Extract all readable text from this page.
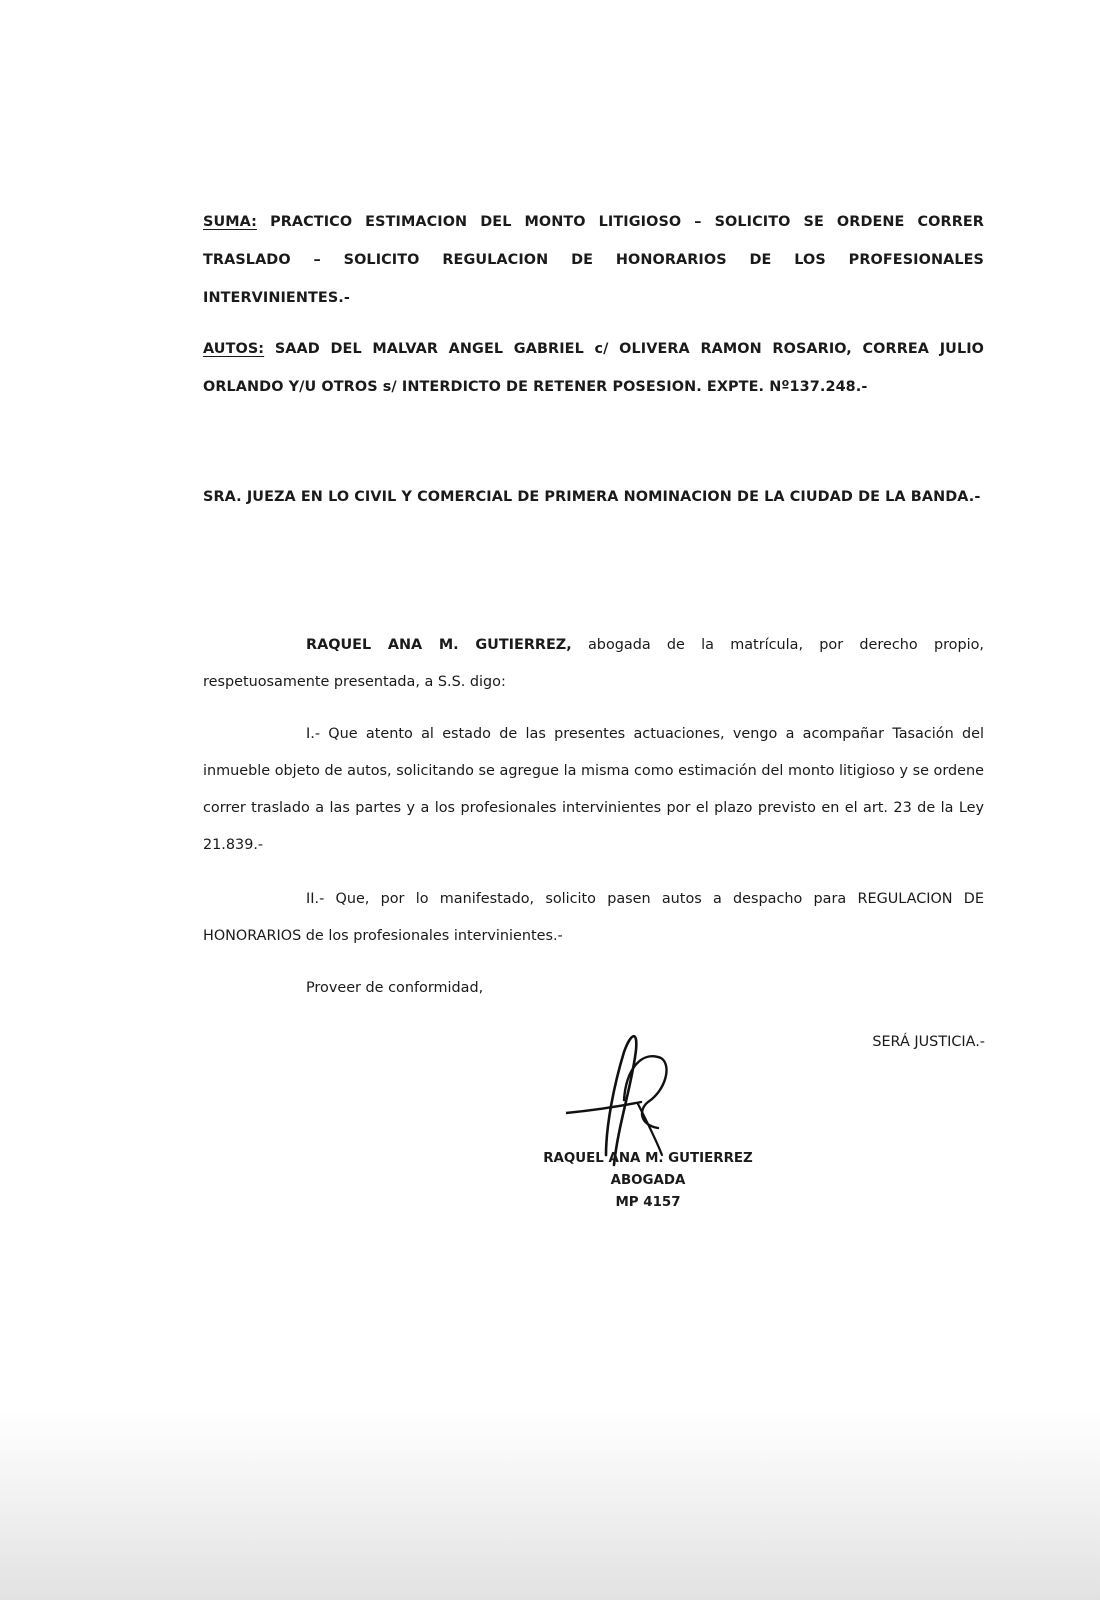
SUMA: PRACTICO ESTIMACION DEL MONTO LITIGIOSO – SOLICITO SE ORDENE CORRER TRASLADO – SOLICITO REGULACION DE HONORARIOS DE LOS PROFESIONALES INTERVINIENTES.-
AUTOS: SAAD DEL MALVAR ANGEL GABRIEL c/ OLIVERA RAMON ROSARIO, CORREA JULIO ORLANDO Y/U OTROS s/ INTERDICTO DE RETENER POSESION. EXPTE. Nº137.248.-
SRA. JUEZA EN LO CIVIL Y COMERCIAL DE PRIMERA NOMINACION DE LA CIUDAD DE LA BANDA.-
RAQUEL ANA M. GUTIERREZ, abogada de la matrícula, por derecho propio, respetuosamente presentada, a S.S. digo:
I.- Que atento al estado de las presentes actuaciones, vengo a acompañar Tasación del inmueble objeto de autos, solicitando se agregue la misma como estimación del monto litigioso y se ordene correr traslado a las partes y a los profesionales intervinientes por el plazo previsto en el art. 23 de la Ley 21.839.-
II.- Que, por lo manifestado, solicito pasen autos a despacho para REGULACION DE HONORARIOS de los profesionales intervinientes.-
Proveer de conformidad,
SERÁ JUSTICIA.-
RAQUEL ANA M. GUTIERREZ
ABOGADA
MP 4157
